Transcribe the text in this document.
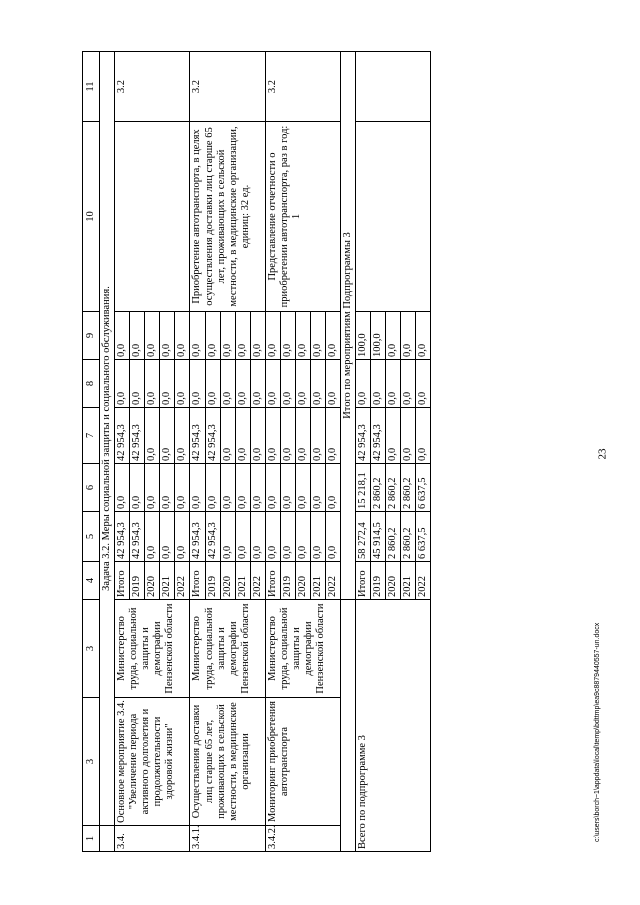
23
1	3	3	4	5	6	7	8	9	10	11
	Задача 3.2. Меры социальной защиты и социального обслуживания.									
3.4.	Основное мероприятие 3.4. "Увеличение периода активного долголетия и продолжительности здоровой жизни"	Министерство труда, социальной защиты и демографии Пензенской области	Итого	42 954,3	0,0	42 954,3	0,0	0,0		3.2
			2019	42 954,3	0,0	42 954,3	0,0	0,0		
			2020	0,0	0,0	0,0	0,0	0,0		
			2021	0,0	0,0	0,0	0,0	0,0		
			2022	0,0	0,0	0,0	0,0	0,0		
3.4.1.	Осуществления доставки лиц старше 65 лет, проживающих в сельской местности, в медицинские организации	Министерство труда, социальной защиты и демографии Пензенской области	Итого	42 954,3	0,0	42 954,3	0,0	0,0	Приобретение автотранспорта, в целях осуществления доставки лиц старше 65 лет, проживающих в сельской местности, в медицинские организации, единиц: 32 ед.	3.2
			2019	42 954,3	0,0	42 954,3	0,0	0,0		
			2020	0,0	0,0	0,0	0,0	0,0		
			2021	0,0	0,0	0,0	0,0	0,0		
			2022	0,0	0,0	0,0	0,0	0,0		
3.4.2.	Мониторинг приобретения автотранспорта	Министерство труда, социальной защиты и демографии Пензенской области	Итого	0,0	0,0	0,0	0,0	0,0	Представление отчетности о приобретении автотранспорта, раз в год: 1	3.2
			2019	0,0	0,0	0,0	0,0	0,0		
			2020	0,0	0,0	0,0	0,0	0,0		
			2021	0,0	0,0	0,0	0,0	0,0		
			2022	0,0	0,0	0,0	0,0	0,0		
			Итого по мероприятиям Подпрограммы 3							
Всего по подпрограмме 3			Итого	58 272,4	15 218,1	42 954,3	0,0	100,0		
			2019	45 914,5	2 860,2	42 954,3	0,0	100,0		
			2020	2 860,2	2 860,2	0,0	0,0	0,0		
			2021	2 860,2	2 860,2	0,0	0,0	0,0		
			2022	6 637,5	6 637,5	0,0	0,0	0,0		
c:\users\borch~1\appdata\local\temp\bdttmp\ea9c8879440557-un.docx
